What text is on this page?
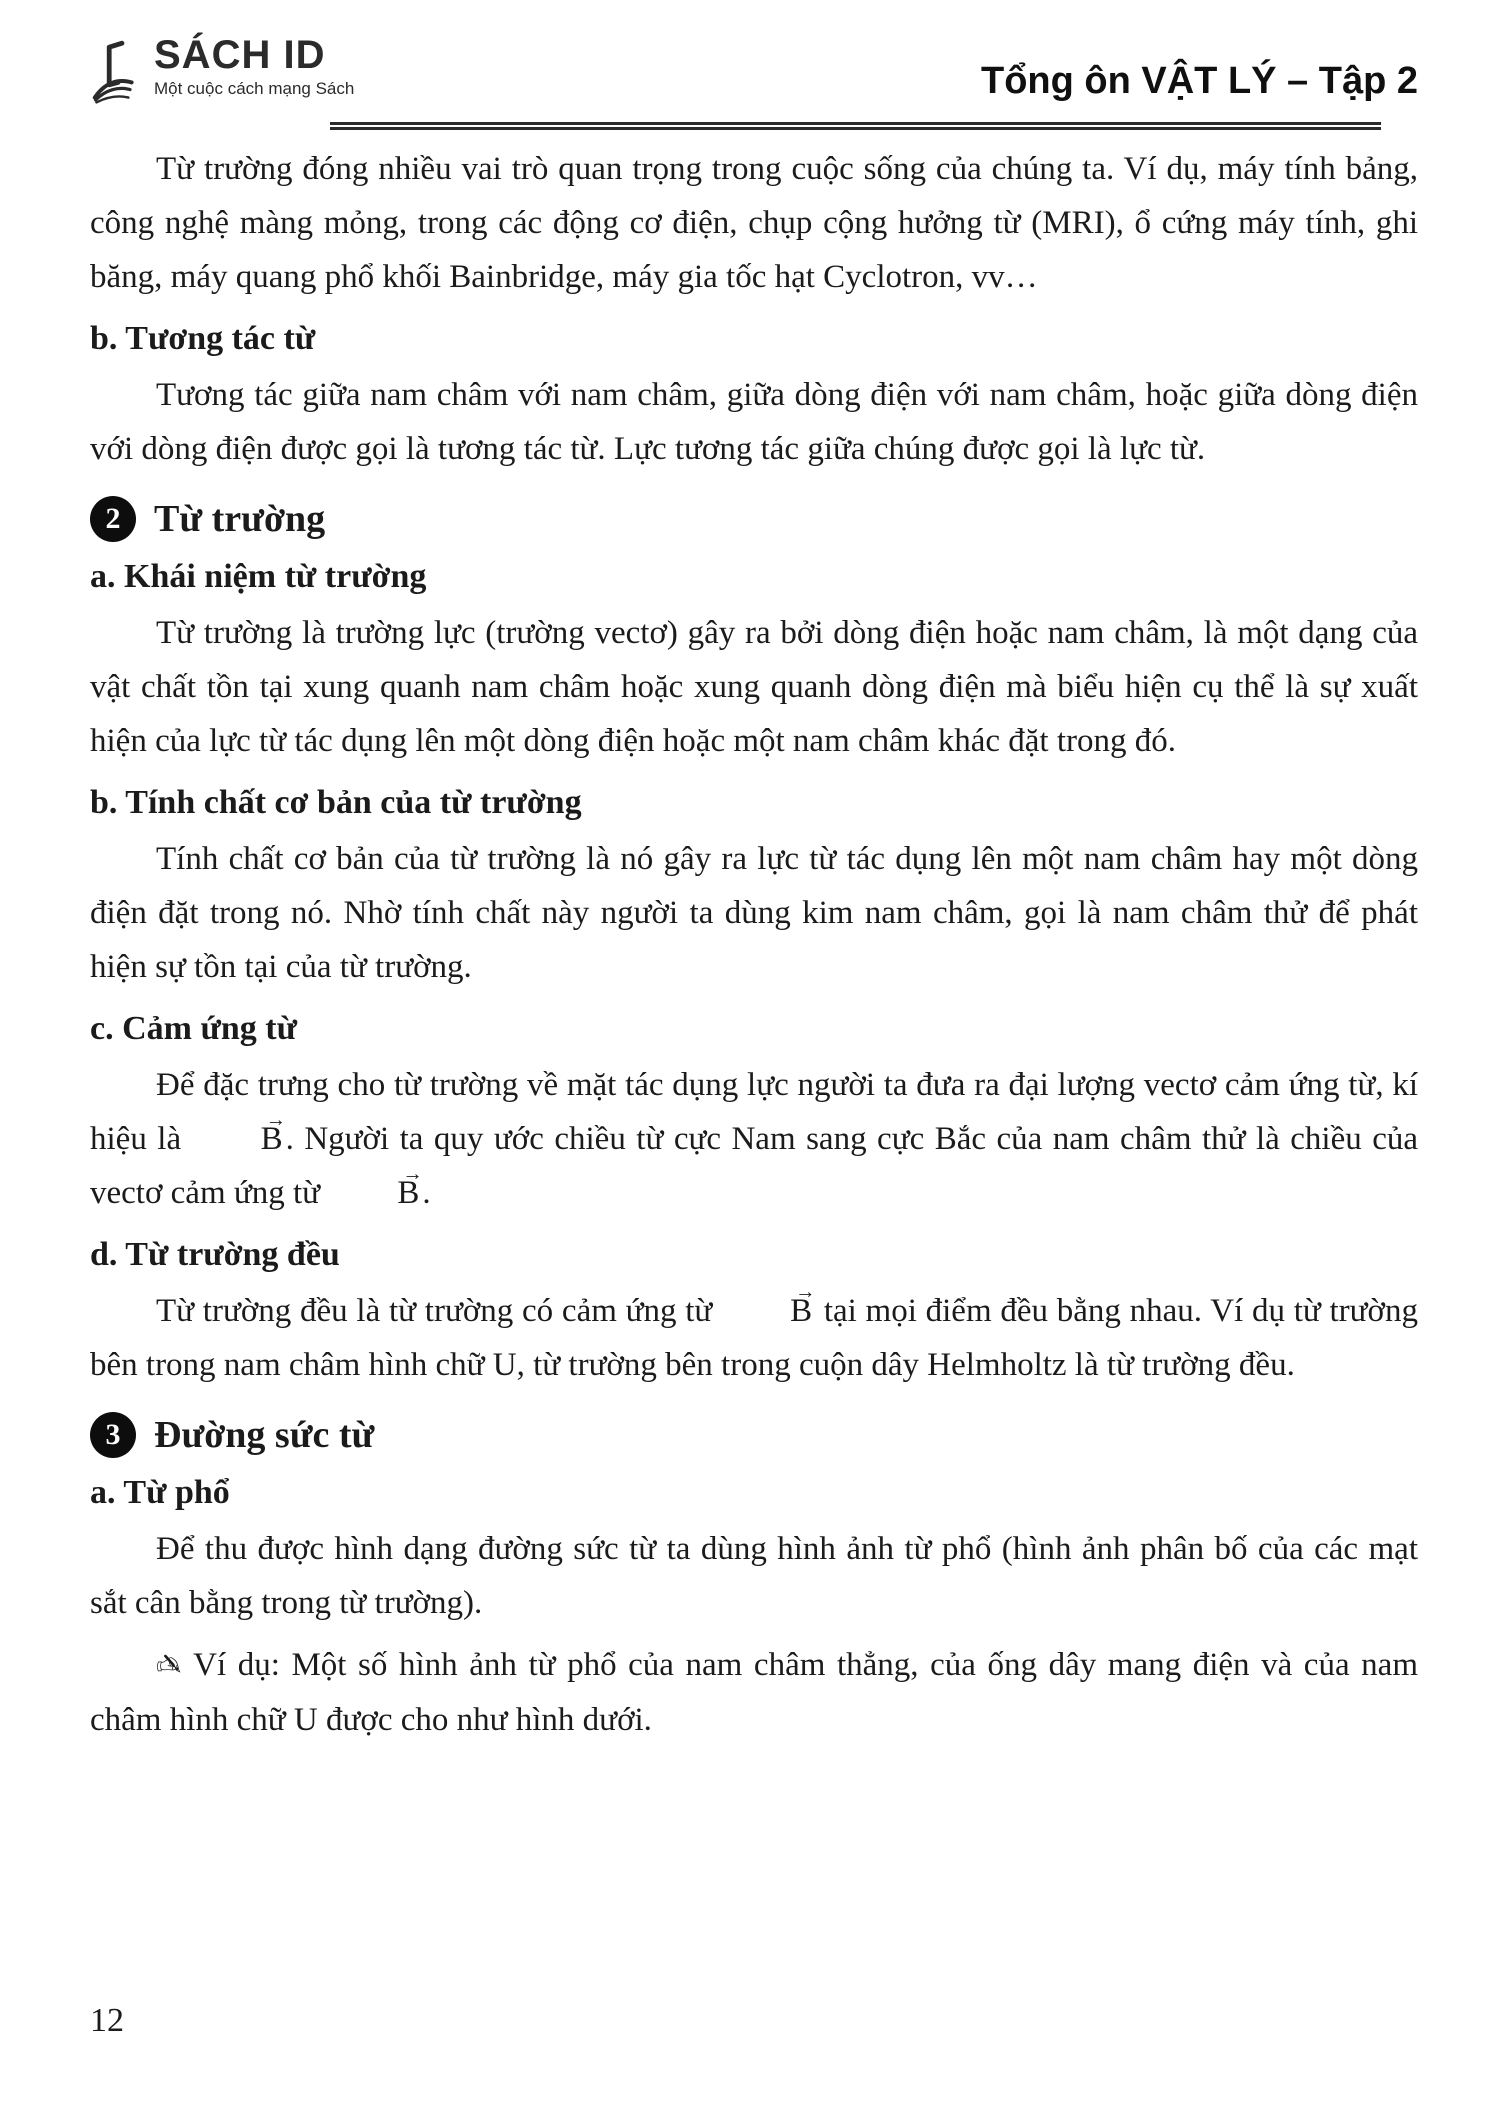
SÁCH ID
Một cuộc cách mạng Sách	Tổng ôn VẬT LÝ – Tập 2

Từ trường đóng nhiều vai trò quan trọng trong cuộc sống của chúng ta. Ví dụ, máy tính bảng, công nghệ màng mỏng, trong các động cơ điện, chụp cộng hưởng từ (MRI), ổ cứng máy tính, ghi băng, máy quang phổ khối Bainbridge, máy gia tốc hạt Cyclotron, vv…

b. Tương tác từ

Tương tác giữa nam châm với nam châm, giữa dòng điện với nam châm, hoặc giữa dòng điện với dòng điện được gọi là tương tác từ. Lực tương tác giữa chúng được gọi là lực từ.

2 Từ trường
a. Khái niệm từ trường

Từ trường là trường lực (trường vectơ) gây ra bởi dòng điện hoặc nam châm, là một dạng của vật chất tồn tại xung quanh nam châm hoặc xung quanh dòng điện mà biểu hiện cụ thể là sự xuất hiện của lực từ tác dụng lên một dòng điện hoặc một nam châm khác đặt trong đó.

b. Tính chất cơ bản của từ trường

Tính chất cơ bản của từ trường là nó gây ra lực từ tác dụng lên một nam châm hay một dòng điện đặt trong nó. Nhờ tính chất này người ta dùng kim nam châm, gọi là nam châm thử để phát hiện sự tồn tại của từ trường.

c. Cảm ứng từ

Để đặc trưng cho từ trường về mặt tác dụng lực người ta đưa ra đại lượng vectơ cảm ứng từ, kí hiệu là → B. Người ta quy ước chiều từ cực Nam sang cực Bắc của nam châm thử là chiều của vectơ cảm ứng từ → B.

d. Từ trường đều

Từ trường đều là từ trường có cảm ứng từ → B tại mọi điểm đều bằng nhau. Ví dụ từ trường bên trong nam châm hình chữ U, từ trường bên trong cuộn dây Helmholtz là từ trường đều.

3 Đường sức từ
a. Từ phổ

Để thu được hình dạng đường sức từ ta dùng hình ảnh từ phổ (hình ảnh phân bố của các mạt sắt cân bằng trong từ trường).

✍ Ví dụ: Một số hình ảnh từ phổ của nam châm thẳng, của ống dây mang điện và của nam châm hình chữ U được cho như hình dưới.

12
